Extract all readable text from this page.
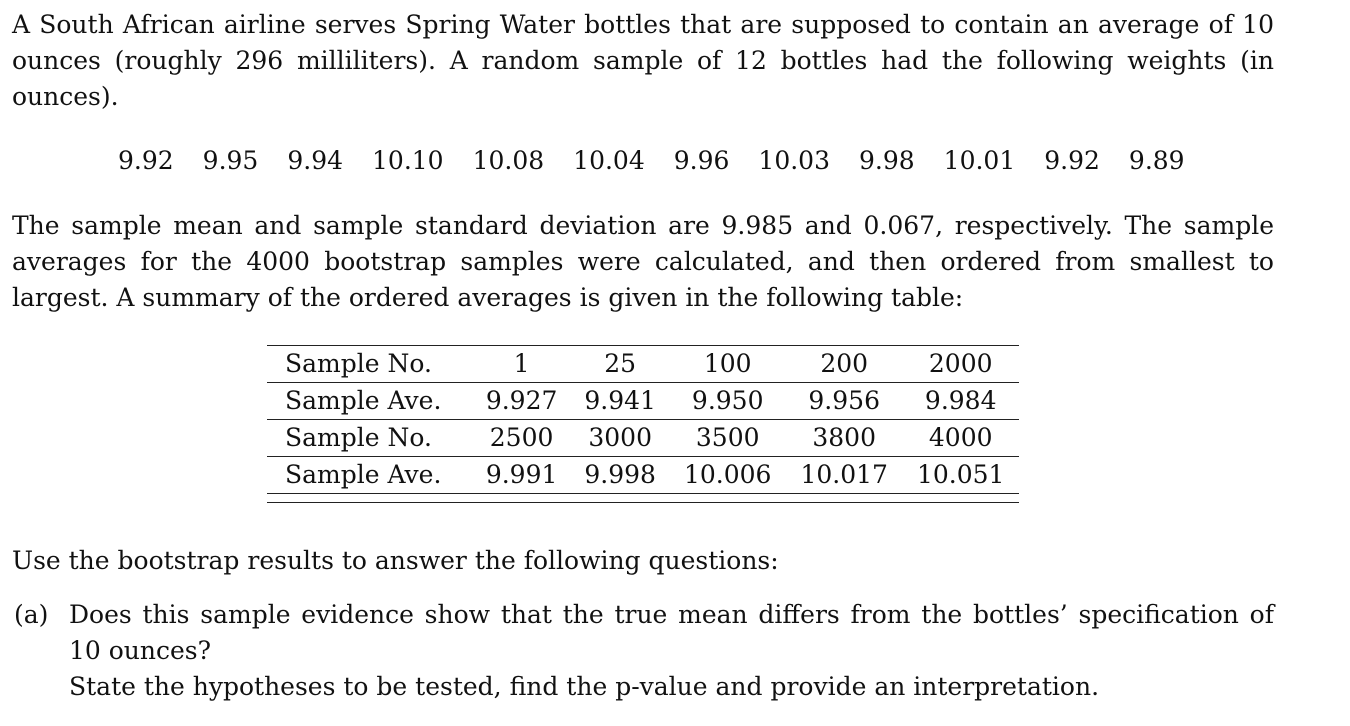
A South African airline serves Spring Water bottles that are supposed to contain an average of 10 ounces (roughly 296 milliliters). A random sample of 12 bottles had the following weights (in ounces).

9.92 9.95 9.94 10.10 10.08 10.04 9.96 10.03 9.98 10.01 9.92 9.89

The sample mean and sample standard deviation are 9.985 and 0.067, respectively. The sample averages for the 4000 bootstrap samples were calculated, and then ordered from smallest to largest. A summary of the ordered averages is given in the following table:

Sample No.	1	25	100	200	2000
Sample Ave.	9.927	9.941	9.950	9.956	9.984
Sample No.	2500	3000	3500	3800	4000
Sample Ave.	9.991	9.998	10.006	10.017	10.051

Use the bootstrap results to answer the following questions:

(a) Does this sample evidence show that the true mean differs from the bottles’ specification of 10 ounces?

State the hypotheses to be tested, find the p-value and provide an interpretation.
